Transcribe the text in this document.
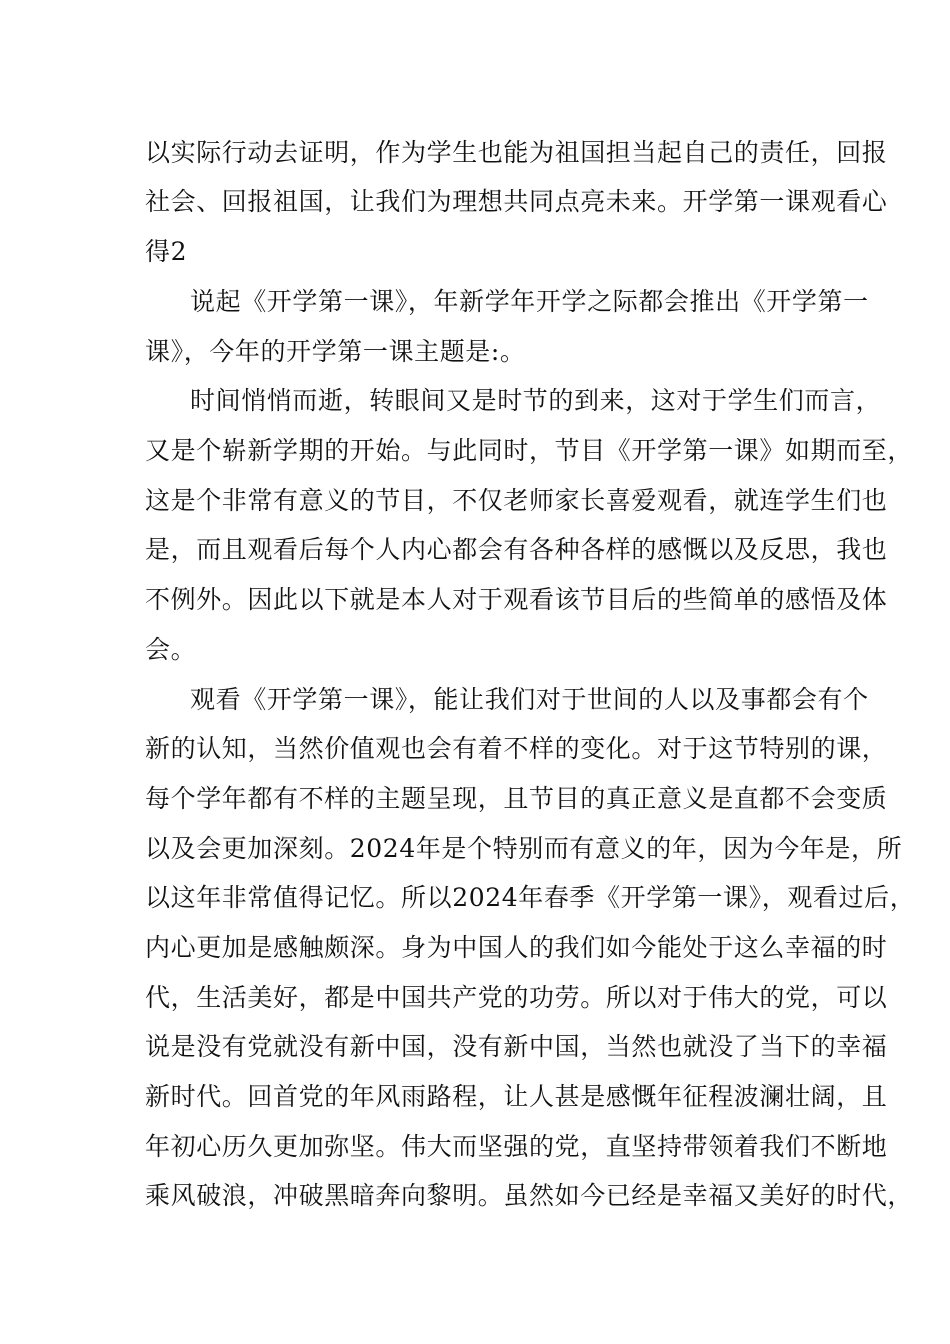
以实际行动去证明，作为学生也能为祖国担当起自己的责任，回报
社会、回报祖国，让我们为理想共同点亮未来。开学第一课观看心
得2
说起《开学第一课》，年新学年开学之际都会推出《开学第一
课》，今年的开学第一课主题是:。
时间悄悄而逝，转眼间又是时节的到来，这对于学生们而言，
又是个崭新学期的开始。与此同时，节目《开学第一课》如期而至，
这是个非常有意义的节目，不仅老师家长喜爱观看，就连学生们也
是，而且观看后每个人内心都会有各种各样的感慨以及反思，我也
不例外。因此以下就是本人对于观看该节目后的些简单的感悟及体
会。
观看《开学第一课》，能让我们对于世间的人以及事都会有个
新的认知，当然价值观也会有着不样的变化。对于这节特别的课，
每个学年都有不样的主题呈现，且节目的真正意义是直都不会变质
以及会更加深刻。2024年是个特别而有意义的年，因为今年是，所
以这年非常值得记忆。所以2024年春季《开学第一课》，观看过后，
内心更加是感触颇深。身为中国人的我们如今能处于这么幸福的时
代，生活美好，都是中国共产党的功劳。所以对于伟大的党，可以
说是没有党就没有新中国，没有新中国，当然也就没了当下的幸福
新时代。回首党的年风雨路程，让人甚是感慨年征程波澜壮阔，且
年初心历久更加弥坚。伟大而坚强的党，直坚持带领着我们不断地
乘风破浪，冲破黑暗奔向黎明。虽然如今已经是幸福又美好的时代，
